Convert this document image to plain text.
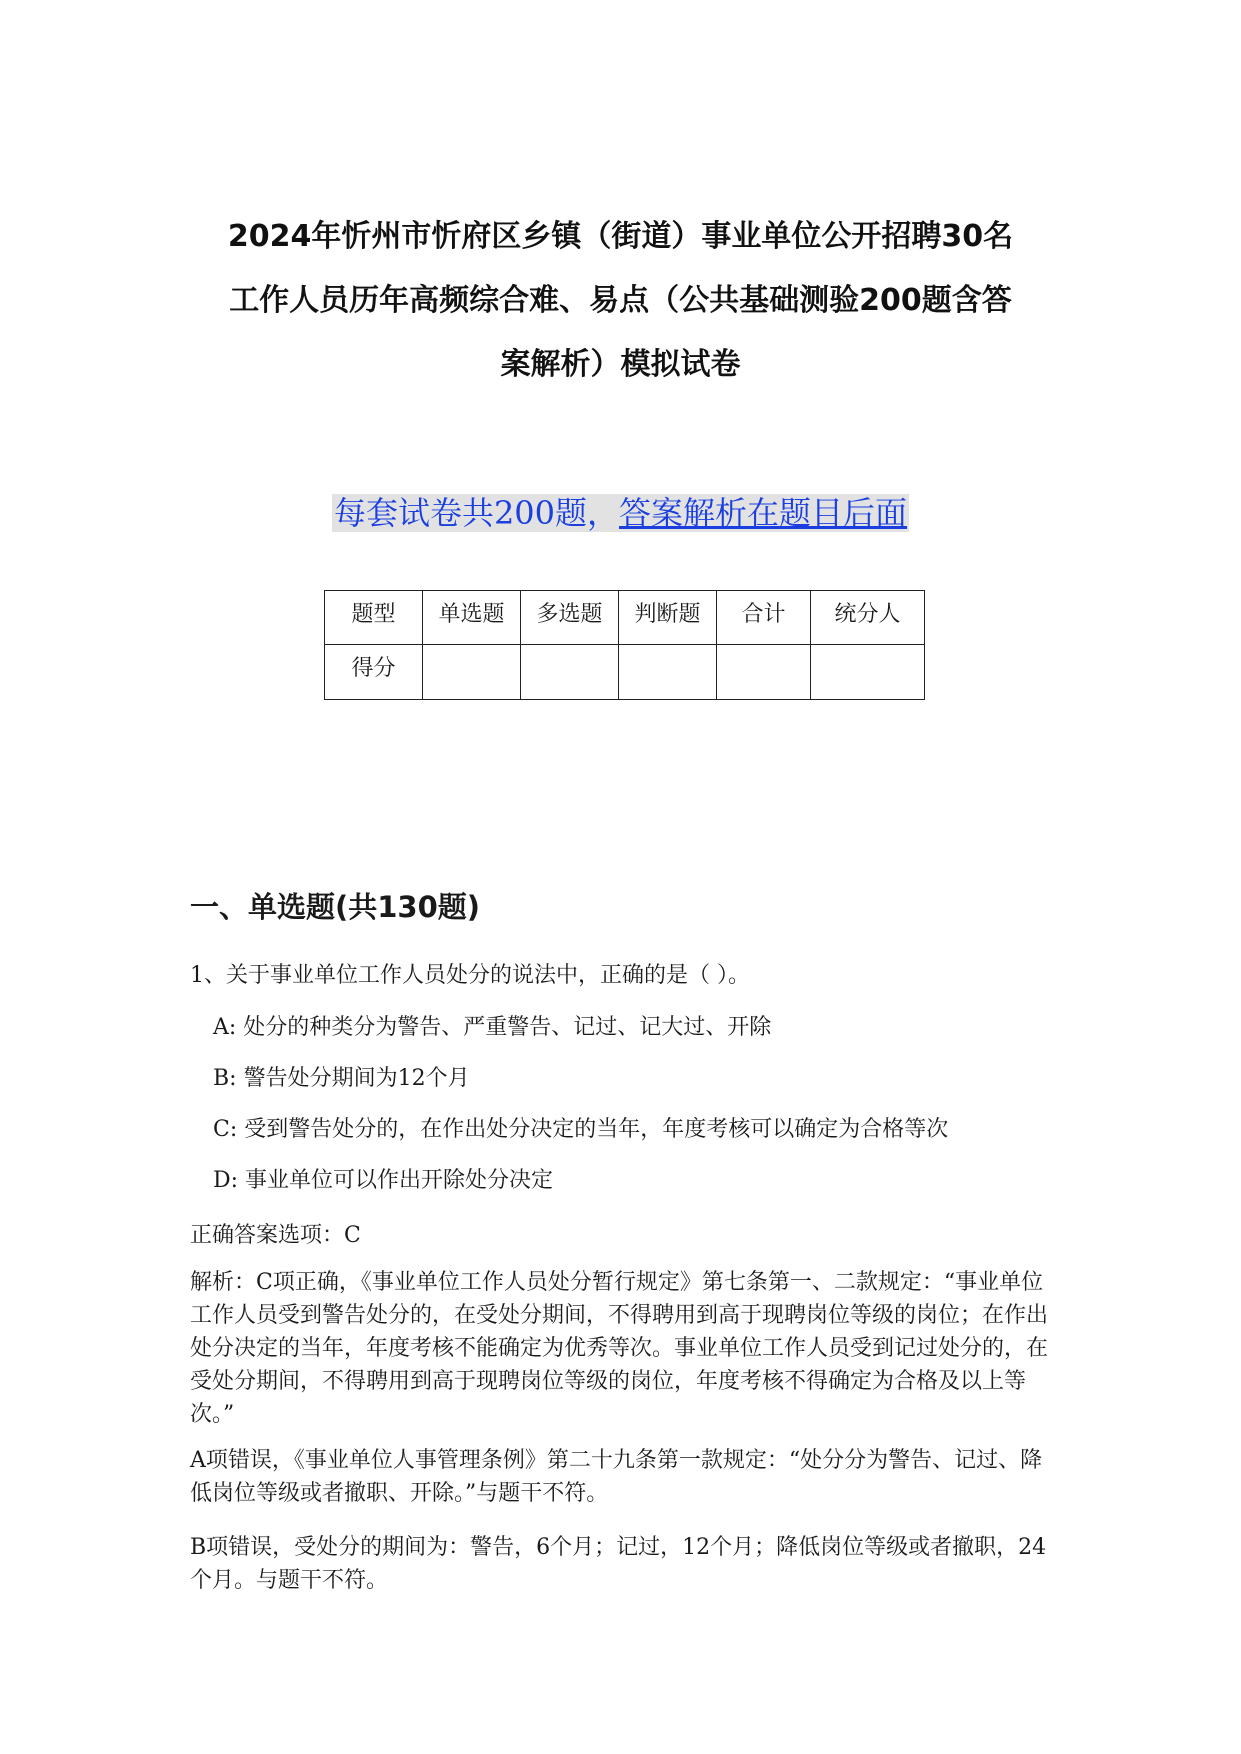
2024年忻州市忻府区乡镇（街道）事业单位公开招聘30名
工作人员历年高频综合难、易点（公共基础测验200题含答
案解析）模拟试卷
每套试卷共200题，答案解析在题目后面
题型	单选题	多选题	判断题	合计	统分人
得分					
一、单选题(共130题)
1、关于事业单位工作人员处分的说法中，正确的是（ ）。
A: 处分的种类分为警告、严重警告、记过、记大过、开除
B: 警告处分期间为12个月
C: 受到警告处分的，在作出处分决定的当年，年度考核可以确定为合格等次
D: 事业单位可以作出开除处分决定
正确答案选项：C
解析：C项正确，《事业单位工作人员处分暂行规定》第七条第一、二款规定：“事业单位工作人员受到警告处分的，在受处分期间，不得聘用到高于现聘岗位等级的岗位；在作出处分决定的当年，年度考核不能确定为优秀等次。事业单位工作人员受到记过处分的，在受处分期间，不得聘用到高于现聘岗位等级的岗位，年度考核不得确定为合格及以上等次。”
A项错误，《事业单位人事管理条例》第二十九条第一款规定：“处分分为警告、记过、降低岗位等级或者撤职、开除。”与题干不符。
B项错误，受处分的期间为：警告，6个月；记过，12个月；降低岗位等级或者撤职，24个月。与题干不符。
